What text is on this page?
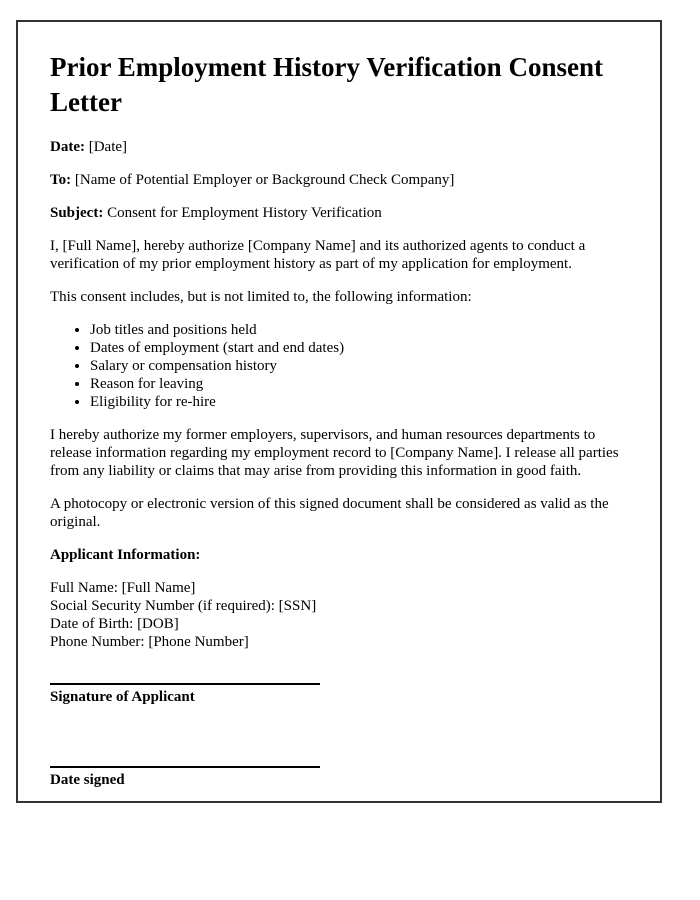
Prior Employment History Verification Consent Letter

Date: [Date]

To: [Name of Potential Employer or Background Check Company]

Subject: Consent for Employment History Verification

I, [Full Name], hereby authorize [Company Name] and its authorized agents to conduct a verification of my prior employment history as part of my application for employment.

This consent includes, but is not limited to, the following information:

• Job titles and positions held
• Dates of employment (start and end dates)
• Salary or compensation history
• Reason for leaving
• Eligibility for re-hire

I hereby authorize my former employers, supervisors, and human resources departments to release information regarding my employment record to [Company Name]. I release all parties from any liability or claims that may arise from providing this information in good faith.

A photocopy or electronic version of this signed document shall be considered as valid as the original.

Applicant Information:

Full Name: [Full Name]
Social Security Number (if required): [SSN]
Date of Birth: [DOB]
Phone Number: [Phone Number]
Signature of Applicant
Date signed
